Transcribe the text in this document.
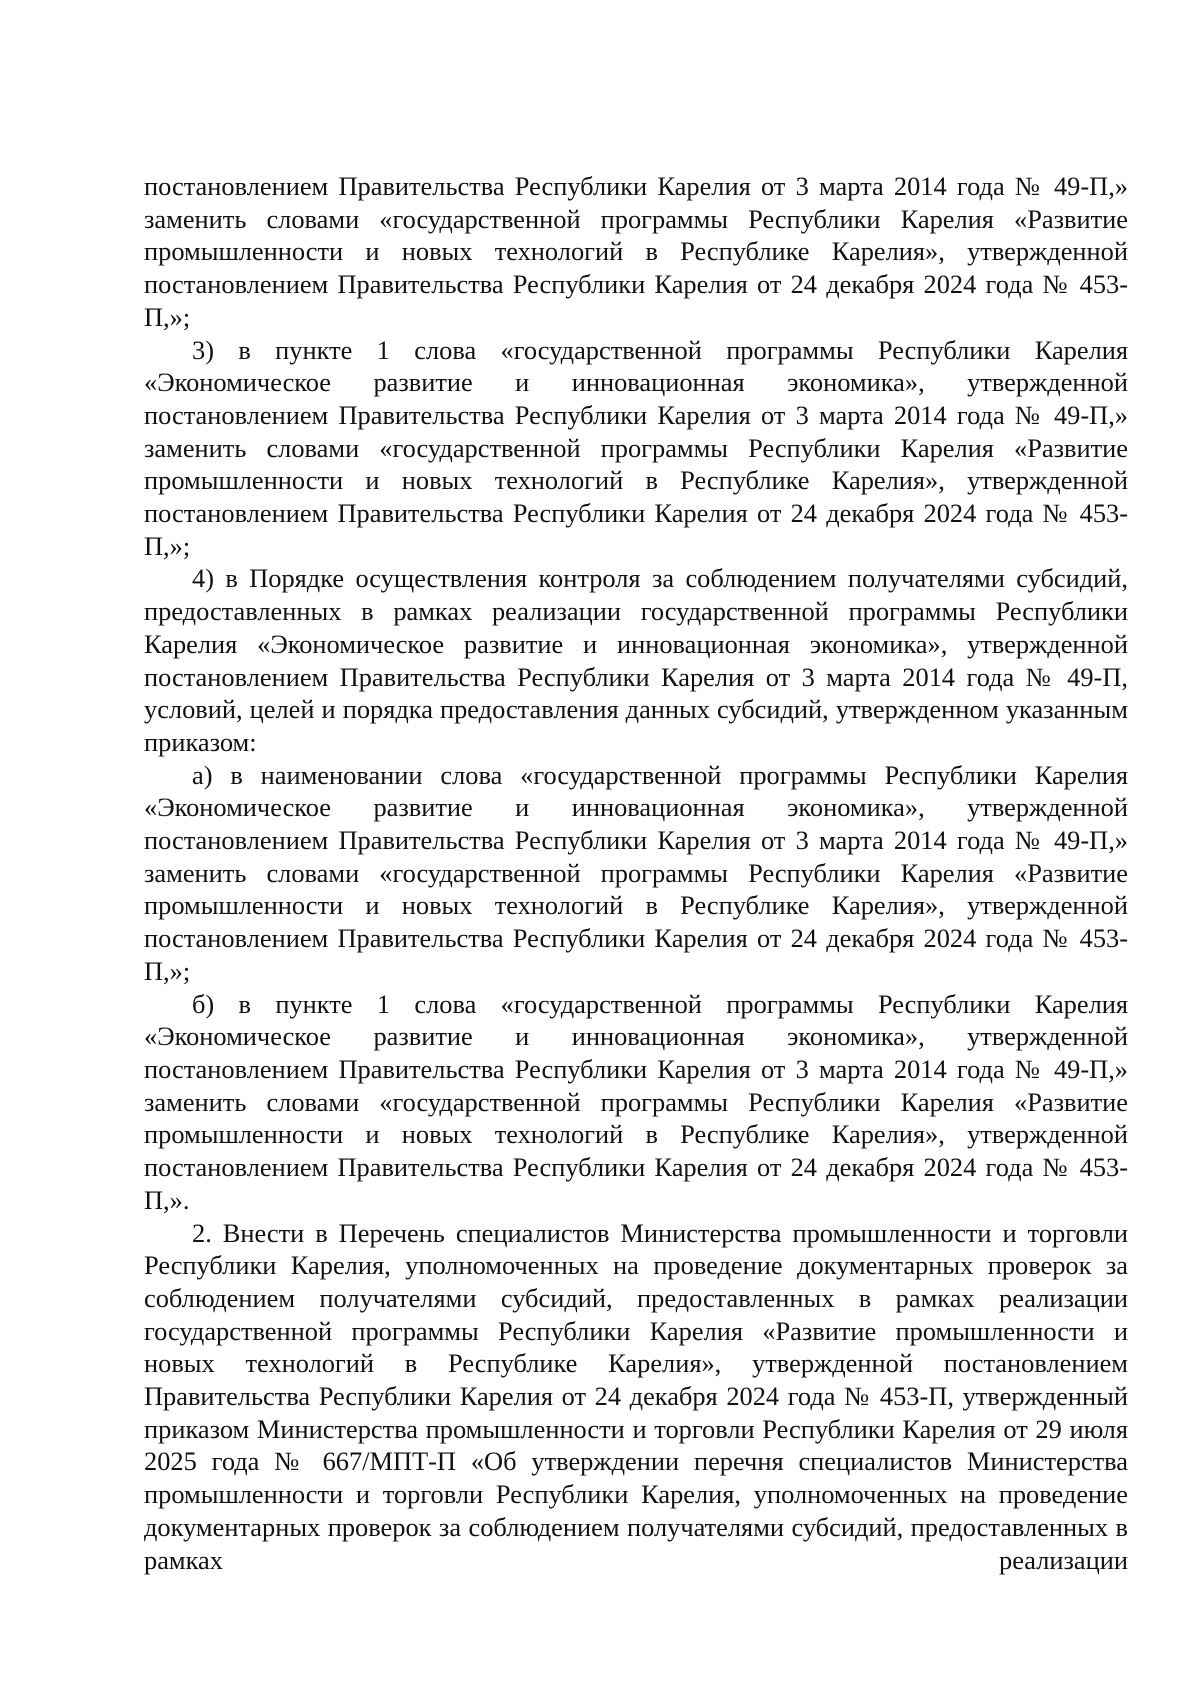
постановлением Правительства Республики Карелия от 3 марта 2014 года № 49-П,» заменить словами «государственной программы Республики Карелия «Развитие промышленности и новых технологий в Республике Карелия», утвержденной постановлением Правительства Республики Карелия от 24 декабря 2024 года № 453-П,»;

3) в пункте 1 слова «государственной программы Республики Карелия «Экономическое развитие и инновационная экономика», утвержденной постановлением Правительства Республики Карелия от 3 марта 2014 года № 49-П,» заменить словами «государственной программы Республики Карелия «Развитие промышленности и новых технологий в Республике Карелия», утвержденной постановлением Правительства Республики Карелия от 24 декабря 2024 года № 453-П,»;

4) в Порядке осуществления контроля за соблюдением получателями субсидий, предоставленных в рамках реализации государственной программы Республики Карелия «Экономическое развитие и инновационная экономика», утвержденной постановлением Правительства Республики Карелия от 3 марта 2014 года № 49-П, условий, целей и порядка предоставления данных субсидий, утвержденном указанным приказом:

а) в наименовании слова «государственной программы Республики Карелия «Экономическое развитие и инновационная экономика», утвержденной постановлением Правительства Республики Карелия от 3 марта 2014 года № 49-П,» заменить словами «государственной программы Республики Карелия «Развитие промышленности и новых технологий в Республике Карелия», утвержденной постановлением Правительства Республики Карелия от 24 декабря 2024 года № 453-П,»;

б) в пункте 1 слова «государственной программы Республики Карелия «Экономическое развитие и инновационная экономика», утвержденной постановлением Правительства Республики Карелия от 3 марта 2014 года № 49-П,» заменить словами «государственной программы Республики Карелия «Развитие промышленности и новых технологий в Республике Карелия», утвержденной постановлением Правительства Республики Карелия от 24 декабря 2024 года № 453-П,».

2. Внести в Перечень специалистов Министерства промышленности и торговли Республики Карелия, уполномоченных на проведение документарных проверок за соблюдением получателями субсидий, предоставленных в рамках реализации государственной программы Республики Карелия «Развитие промышленности и новых технологий в Республике Карелия», утвержденной постановлением Правительства Республики Карелия от 24 декабря 2024 года № 453-П, утвержденный приказом Министерства промышленности и торговли Республики Карелия от 29 июля 2025 года № 667/МПТ-П «Об утверждении перечня специалистов Министерства промышленности и торговли Республики Карелия, уполномоченных на проведение документарных проверок за соблюдением получателями субсидий, предоставленных в рамках реализации
